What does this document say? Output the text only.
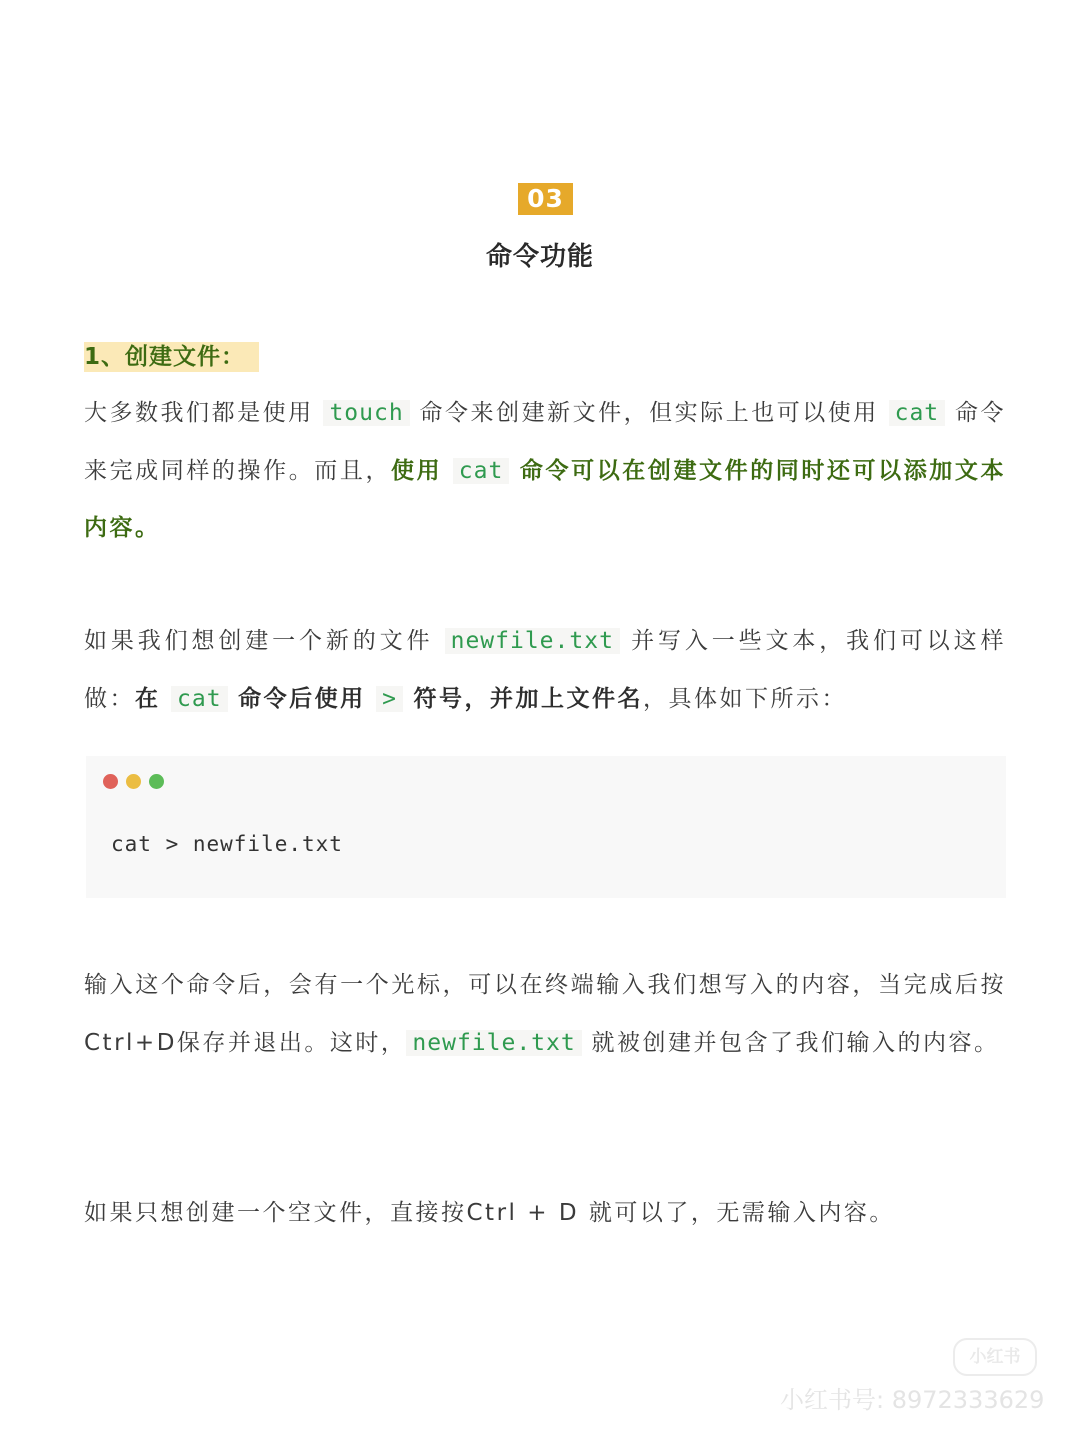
03
命令功能
1、创建文件：
大多数我们都是使用 touch 命令来创建新文件，但实际上也可以使用 cat 命令来完成同样的操作。而且，使用 cat 命令可以在创建文件的同时还可以添加文本内容。
如果我们想创建一个新的文件 newfile.txt 并写入一些文本，我们可以这样做：在 cat 命令后使用 > 符号，并加上文件名，具体如下所示：
cat > newfile.txt
输入这个命令后，会有一个光标，可以在终端输入我们想写入的内容，当完成后按Ctrl+D保存并退出。这时， newfile.txt 就被创建并包含了我们输入的内容。
如果只想创建一个空文件，直接按Ctrl + D 就可以了，无需输入内容。
小红书
小红书号: 8972333629
